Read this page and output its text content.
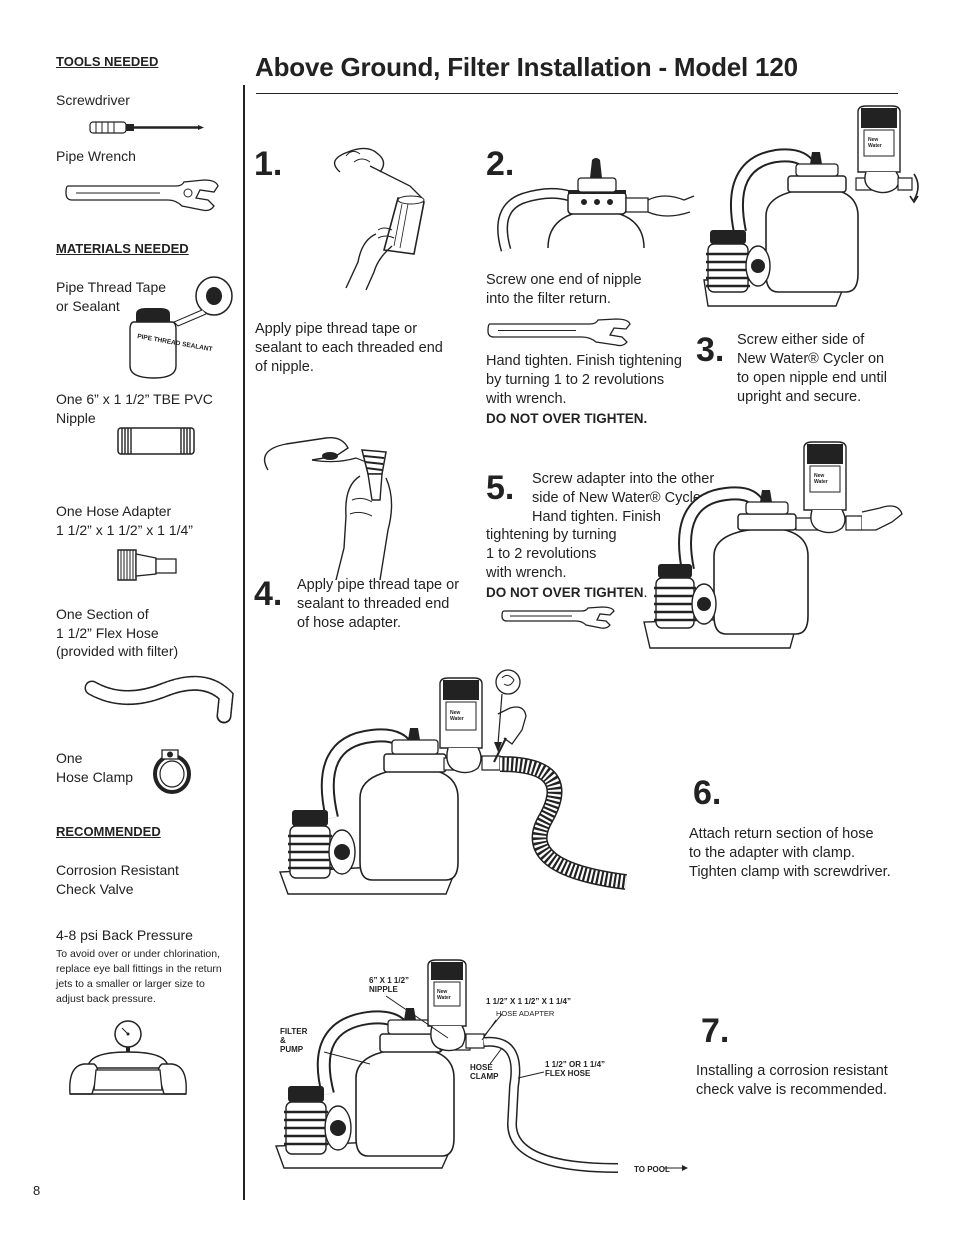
TOOLS NEEDED
Screwdriver
Pipe Wrench
MATERIALS NEEDED
Pipe Thread Tape
or Sealant
PIPE THREAD SEALANT
One 6” x 1 1/2” TBE PVC
Nipple
One Hose Adapter
1 1/2” x 1 1/2” x 1 1/4”
One Section of
1 1/2” Flex Hose
(provided with filter)
One
Hose Clamp
RECOMMENDED
Corrosion Resistant
Check Valve
4-8 psi Back Pressure
To avoid over or under chlorination,
replace eye ball fittings in the return
jets to a smaller or larger size to
adjust back pressure.
8
Above Ground, Filter Installation - Model 120
1.
Apply pipe thread tape or
sealant to each threaded end
of nipple.
2.
Screw one end of nipple
into the filter return.
Hand tighten. Finish tightening
by turning 1 to 2 revolutions
with wrench.
DO NOT OVER TIGHTEN.
New
Water
3. Screw either side of
New Water® Cycler on
to open nipple end until
upright and secure.
4. Apply pipe thread tape or
sealant to threaded end
of hose adapter.
5. Screw adapter into the other
side of New Water® Cycler.
Hand tighten. Finish
tightening by turning
1 to 2 revolutions
with wrench.
DO NOT OVER TIGHTEN.
New
Water
New
Water
6.
Attach return section of hose
to the adapter with clamp.
Tighten clamp with screwdriver.
New
Water
6” X 1 1/2”
NIPPLE
FILTER
&
PUMP
1 1/2” X 1 1/2” X 1 1/4”
HOSE ADAPTER
HOSE
CLAMP
1 1/2” OR 1 1/4”
FLEX HOSE
TO POOL
7.
Installing a corrosion resistant
check valve is recommended.
